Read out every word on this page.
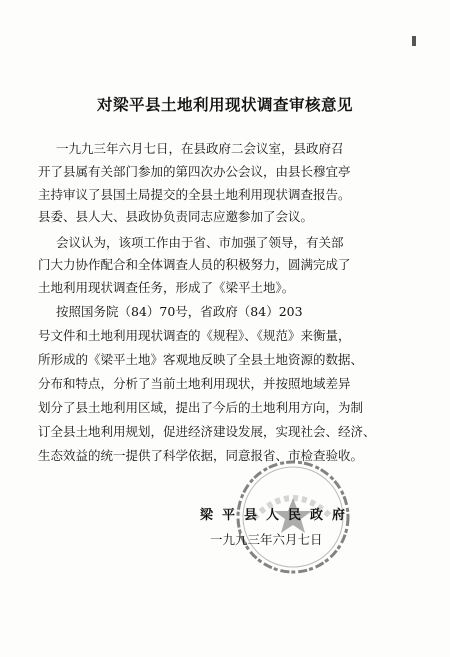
对梁平县土地利用现状调查审核意见
一九九三年六月七日，在县政府二会议室，县政府召
开了县属有关部门参加的第四次办公会议，由县长穆宜亭
主持审议了县国土局提交的全县土地利用现状调查报告。
县委、县人大、县政协负责同志应邀参加了会议。
会议认为，该项工作由于省、市加强了领导，有关部
门大力协作配合和全体调查人员的积极努力，圆满完成了
土地利用现状调查任务，形成了《梁平土地》。
按照国务院（84）70号，省政府（84）203
号文件和土地利用现状调查的《规程》、《规范》来衡量，
所形成的《梁平土地》客观地反映了全县土地资源的数据、
分布和特点，分析了当前土地利用现状，并按照地域差异
划分了县土地利用区域，提出了今后的土地利用方向，为制
订全县土地利用规划，促进经济建设发展，实现社会、经济、
生态效益的统一提供了科学依据，同意报省、市检查验收。
梁平县人民政府
一九九三年六月七日
